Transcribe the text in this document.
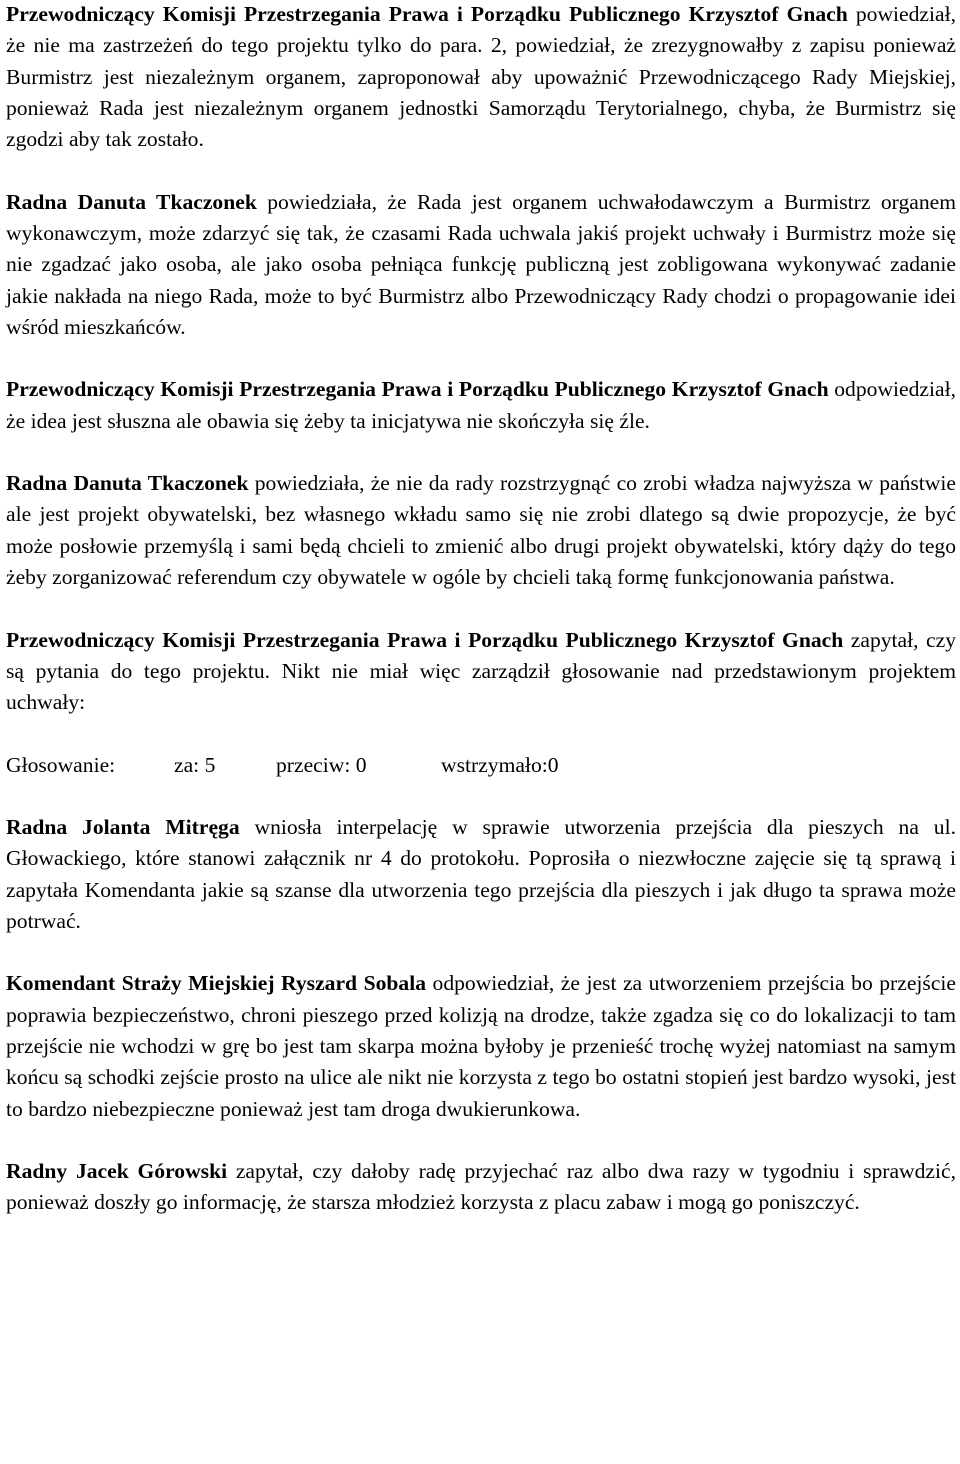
Przewodniczący Komisji Przestrzegania Prawa i Porządku Publicznego Krzysztof Gnach powiedział, że nie ma zastrzeżeń do tego projektu tylko do para. 2, powiedział, że zrezygnowałby z zapisu ponieważ Burmistrz jest niezależnym organem, zaproponował aby upoważnić Przewodniczącego Rady Miejskiej, ponieważ Rada jest niezależnym organem jednostki Samorządu Terytorialnego, chyba, że Burmistrz się zgodzi aby tak zostało.

Radna Danuta Tkaczonek powiedziała, że Rada jest organem uchwałodawczym a Burmistrz organem wykonawczym, może zdarzyć się tak, że czasami Rada uchwala jakiś projekt uchwały i Burmistrz może się nie zgadzać jako osoba, ale jako osoba pełniąca funkcję publiczną jest zobligowana wykonywać zadanie jakie nakłada na niego Rada, może to być Burmistrz albo Przewodniczący Rady chodzi o propagowanie idei wśród mieszkańców.

Przewodniczący Komisji Przestrzegania Prawa i Porządku Publicznego Krzysztof Gnach odpowiedział, że idea jest słuszna ale obawia się żeby ta inicjatywa nie skończyła się źle.

Radna Danuta Tkaczonek powiedziała, że nie da rady rozstrzygnąć co zrobi władza najwyższa w państwie ale jest projekt obywatelski, bez własnego wkładu samo się nie zrobi dlatego są dwie propozycje, że być może posłowie przemyślą i sami będą chcieli to zmienić albo drugi projekt obywatelski, który dąży do tego żeby zorganizować referendum czy obywatele w ogóle by chcieli taką formę funkcjonowania państwa.

Przewodniczący Komisji Przestrzegania Prawa i Porządku Publicznego Krzysztof Gnach zapytał, czy są pytania do tego projektu. Nikt nie miał więc zarządził głosowanie nad przedstawionym projektem uchwały:

Głosowanie:	za: 5	przeciw: 0	wstrzymało:0

Radna Jolanta Mitręga wniosła interpelację w sprawie utworzenia przejścia dla pieszych na ul. Głowackiego, które stanowi załącznik nr 4 do protokołu. Poprosiła o niezwłoczne zajęcie się tą sprawą i zapytała Komendanta jakie są szanse dla utworzenia tego przejścia dla pieszych i jak długo ta sprawa może potrwać.

Komendant Straży Miejskiej Ryszard Sobala odpowiedział, że jest za utworzeniem przejścia bo przejście poprawia bezpieczeństwo, chroni pieszego przed kolizją na drodze, także zgadza się co do lokalizacji to tam przejście nie wchodzi w grę bo jest tam skarpa można byłoby je przenieść trochę wyżej natomiast na samym końcu są schodki zejście prosto na ulice ale nikt nie korzysta z tego bo ostatni stopień jest bardzo wysoki, jest to bardzo niebezpieczne ponieważ jest tam droga dwukierunkowa.

Radny Jacek Górowski zapytał, czy dałoby radę przyjechać raz albo dwa razy w tygodniu i sprawdzić, ponieważ doszły go informację, że starsza młodzież korzysta z placu zabaw i mogą go poniszczyć.
